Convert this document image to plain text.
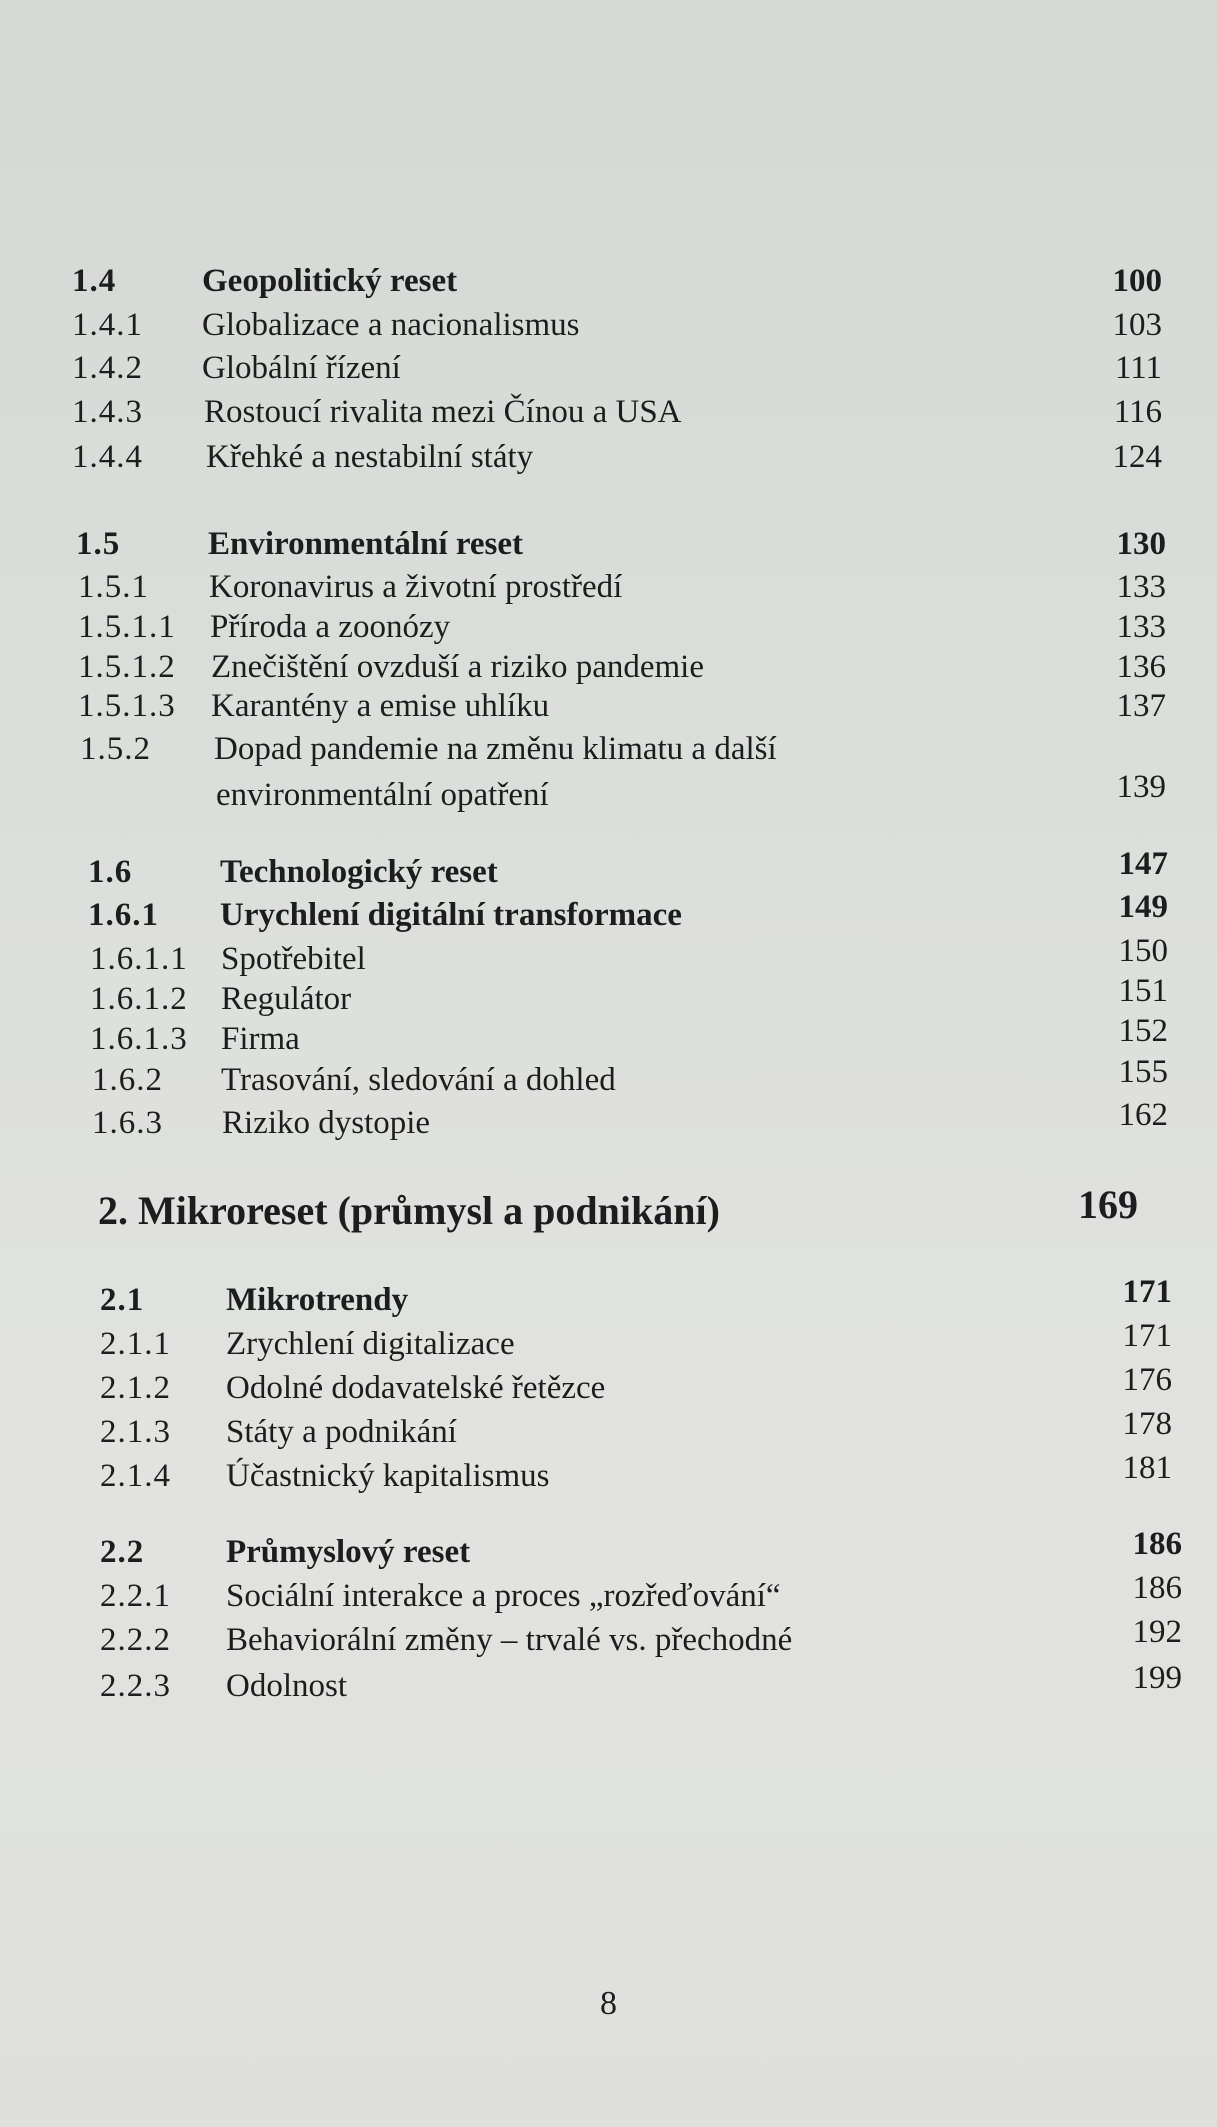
1.4	Geopolitický reset	100
1.4.1 Globalizace a nacionalismus	103
1.4.2 Globální řízení	111
1.4.3 Rostoucí rivalita mezi Čínou a USA	116
1.4.4 Křehké a nestabilní státy	124
1.5	Environmentální reset	130
1.5.1 Koronavirus a životní prostředí	133
1.5.1.1 Příroda a zoonózy	133
1.5.1.2 Znečištění ovzduší a riziko pandemie	136
1.5.1.3 Karantény a emise uhlíku	137
1.5.2 Dopad pandemie na změnu klimatu a další
environmentální opatření	139
1.6	Technologický reset	147
1.6.1 Urychlení digitální transformace	149
1.6.1.1 Spotřebitel	150
1.6.1.2 Regulátor	151
1.6.1.3 Firma	152
1.6.2 Trasování, sledování a dohled	155
1.6.3 Riziko dystopie	162
2. Mikroreset (průmysl a podnikání)	169
2.1 Mikrotrendy	171
2.1.1 Zrychlení digitalizace	171
2.1.2 Odolné dodavatelské řetězce	176
2.1.3 Státy a podnikání	178
2.1.4 Účastnický kapitalismus	181
2.2 Průmyslový reset	186
2.2.1 Sociální interakce a proces „rozřeďování“	186
2.2.2 Behaviorální změny – trvalé vs. přechodné	192
2.2.3 Odolnost	199
8
